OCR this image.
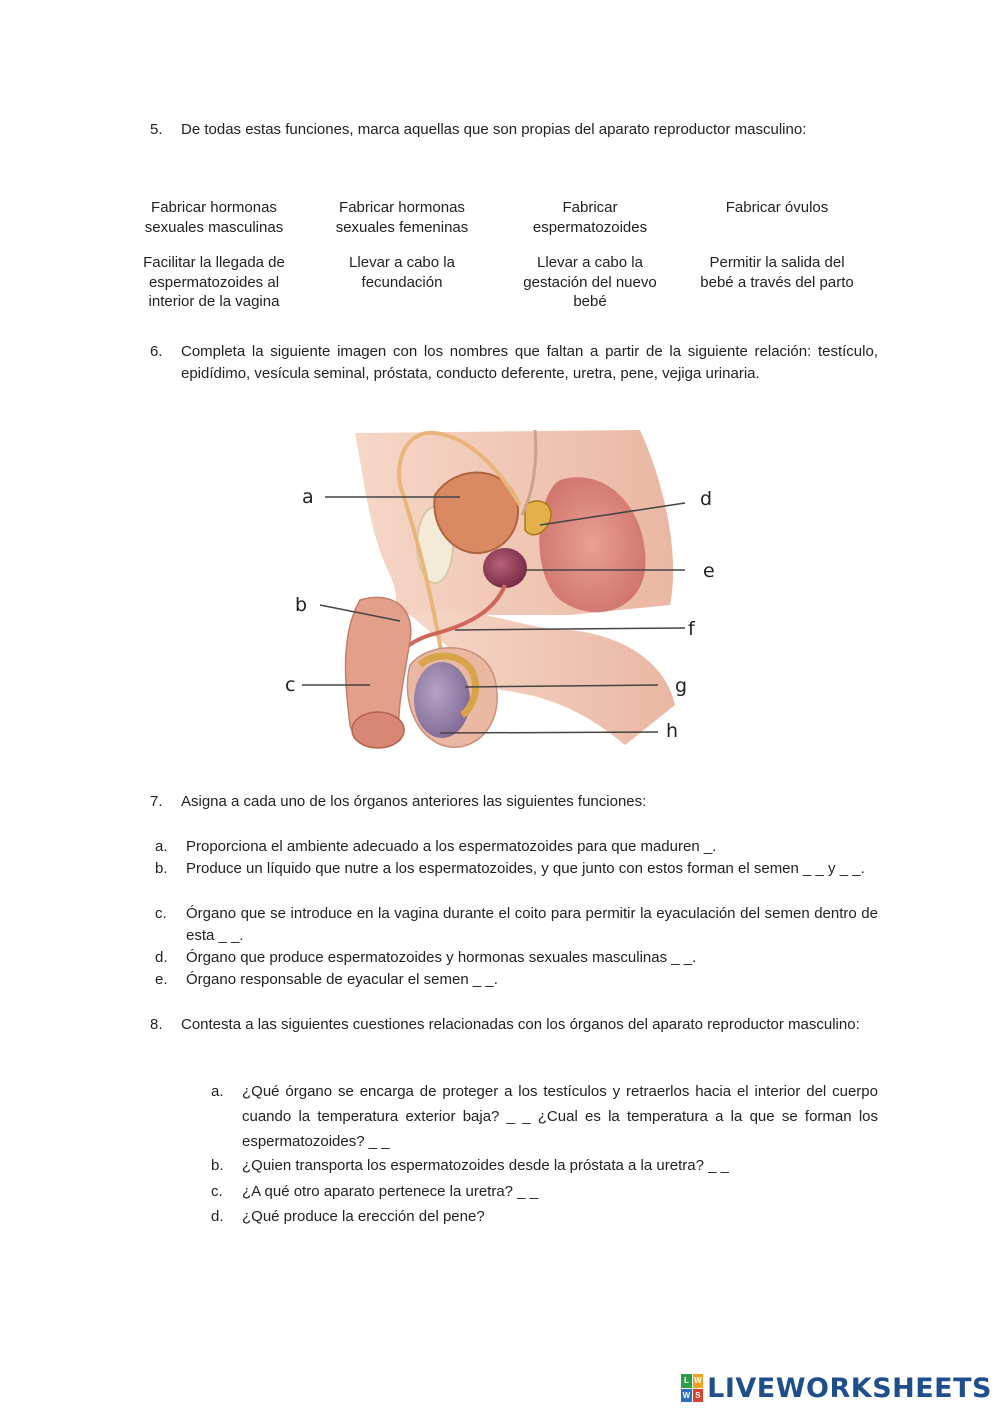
5. De todas estas funciones, marca aquellas que son propias del aparato reproductor masculino:
Fabricar hormonas sexuales masculinas
Fabricar hormonas sexuales femeninas
Fabricar espermatozoides
Fabricar óvulos
Facilitar la llegada de espermatozoides al interior de la vagina
Llevar a cabo la fecundación
Llevar a cabo la gestación del nuevo bebé
Permitir la salida del bebé a través del parto
6. Completa la siguiente imagen con los nombres que faltan a partir de la siguiente relación: testículo, epidídimo, vesícula seminal, próstata, conducto deferente, uretra, pene, vejiga urinaria.
a
b
c
d
e
f
g
h
7. Asigna a cada uno de los órganos anteriores las siguientes funciones:
a. Proporciona el ambiente adecuado a los espermatozoides para que maduren _.
b. Produce un líquido que nutre a los espermatozoides, y que junto con estos forman el semen _ _ y _ _.
c. Órgano que se introduce en la vagina durante el coito para permitir la eyaculación del semen dentro de esta _ _.
d. Órgano que produce espermatozoides y hormonas sexuales masculinas _ _.
e. Órgano responsable de eyacular el semen _ _.
8. Contesta a las siguientes cuestiones relacionadas con los órganos del aparato reproductor masculino:
a. ¿Qué órgano se encarga de proteger a los testículos y retraerlos hacia el interior del cuerpo cuando la temperatura exterior baja? _ _ ¿Cual es la temperatura a la que se forman los espermatozoides? _ _
b. ¿Quien transporta los espermatozoides desde la próstata a la uretra? _ _
c. ¿A qué otro aparato pertenece la uretra? _ _
d. ¿Qué produce la erección del pene?
L W
W S LIVEWORKSHEETS
